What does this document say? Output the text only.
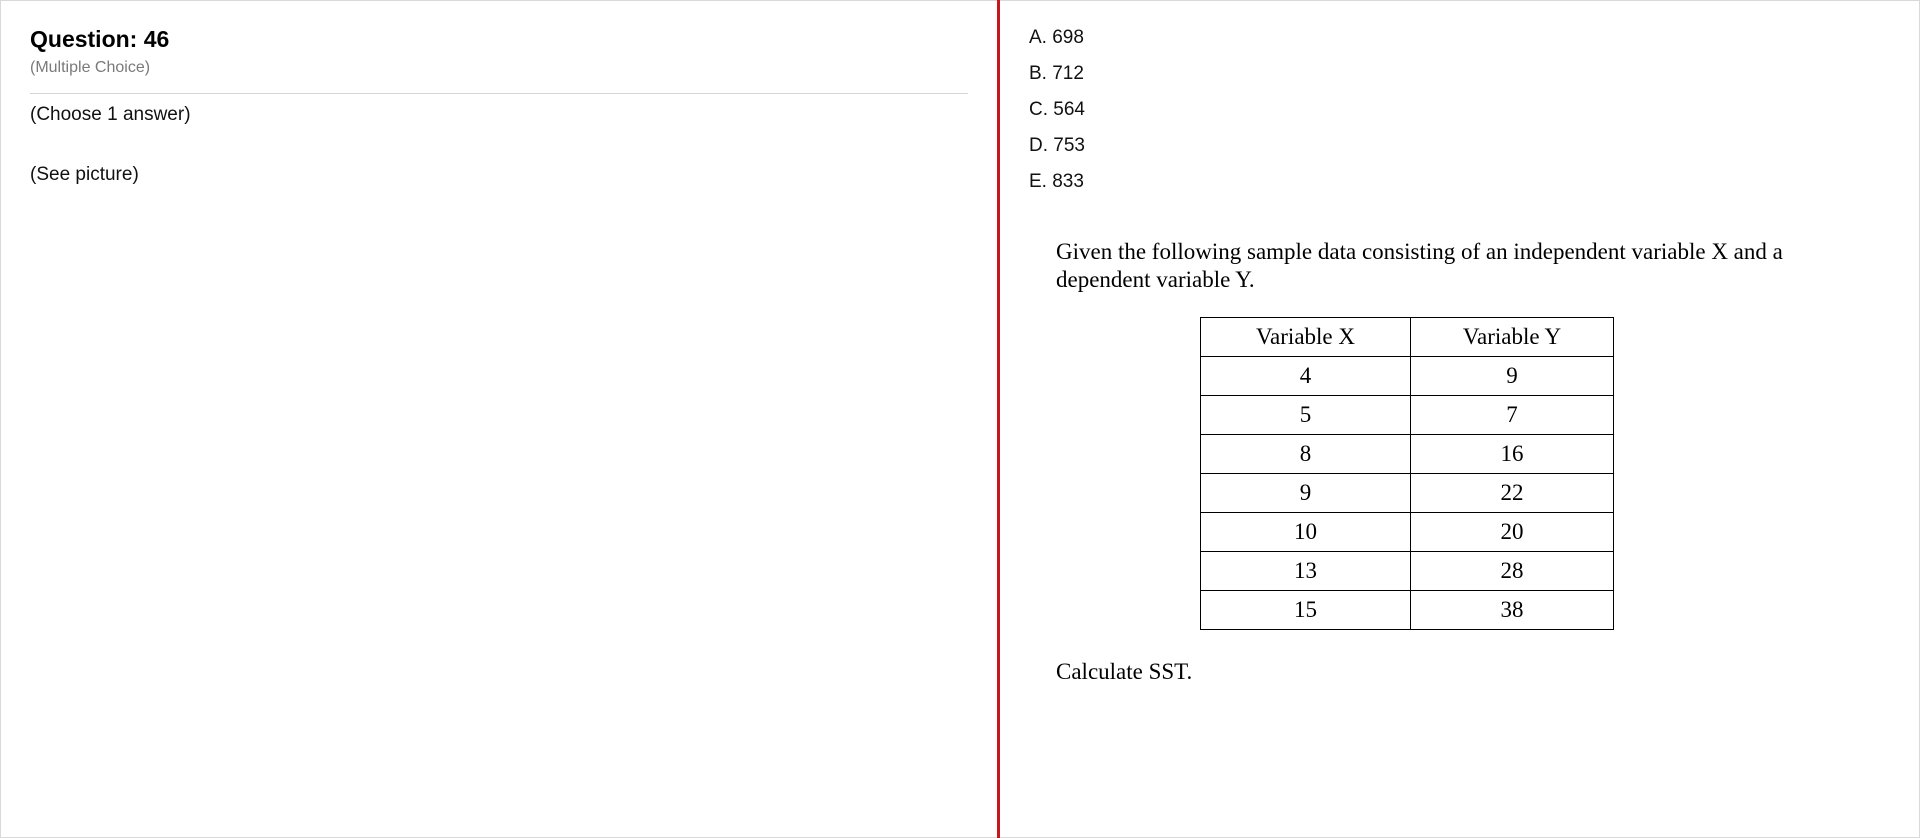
Question: 46
(Multiple Choice)
(Choose 1 answer)
(See picture)
A. 698
B. 712
C. 564
D. 753
E. 833

Given the following sample data consisting of an independent variable X and a dependent variable Y.

Variable X	Variable Y
4	9
5	7
8	16
9	22
10	20
13	28
15	38

Calculate SST.
